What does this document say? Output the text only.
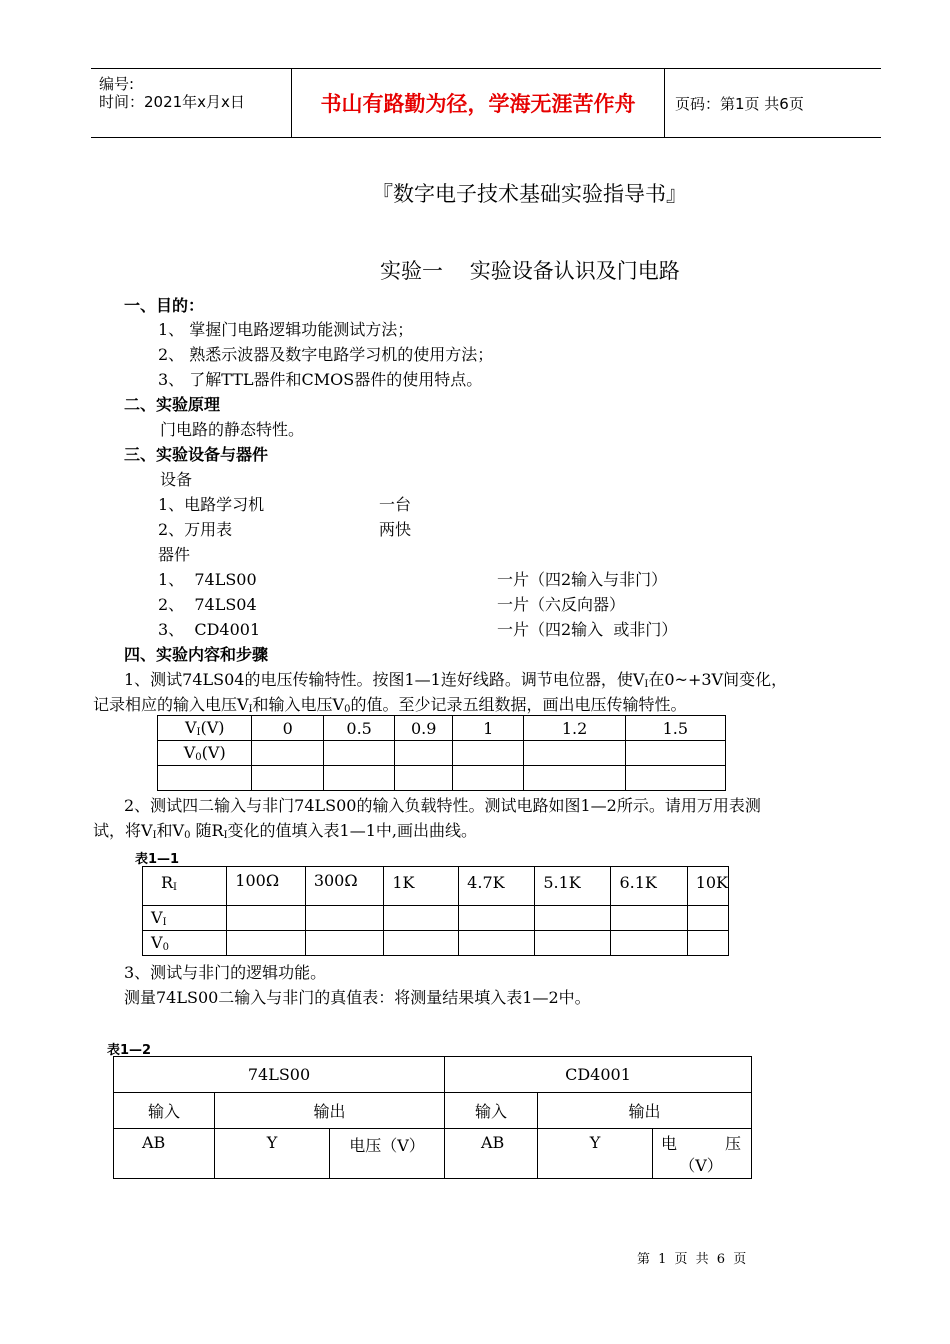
编号:
时间：2021年x月x日	书山有路勤为径，学海无涯苦作舟	页码：第1页 共6页
『数字电子技术基础实验指导书』
实验一    实验设备认识及门电路
一、目的：
1、 掌握门电路逻辑功能测试方法；
2、 熟悉示波器及数字电路学习机的使用方法；
3、 了解TTL器件和CMOS器件的使用特点。
二、实验原理
门电路的静态特性。
三、实验设备与器件
设备
1、电路学习机	一台
2、万用表	两快
器件
1、  74LS00	一片（四2输入与非门）
2、  74LS04	一片（六反向器）
3、  CD4001	一片（四2输入  或非门）
四、实验内容和步骤
1、测试74LS04的电压传输特性。按图1—1连好线路。调节电位器，使$V_I$在0~+3V间变化，
记录相应的输入电压$V_I$和输入电压$V_0$的值。至少记录五组数据，画出电压传输特性。
$V_I(V)$	0	0.5	0.9	1	1.2	1.5
$V_0(V)$						

2、测试四二输入与非门74LS00的输入负载特性。测试电路如图1—2所示。请用万用表测
试，将$V_I$和$V_0$ 随$R_I$变化的值填入表1—1中,画出曲线。
表1—1
$R_I$	100Ω	300Ω	1K	4.7K	5.1K	6.1K	10K
$V_I$							
$V_0$							
3、测试与非门的逻辑功能。
测量74LS00二输入与非门的真值表：将测量结果填入表1—2中。
表1—2
74LS00			CD4001		
输入	输出		输入	输出	
AB	Y	电压（V）	AB	Y	电 压
（V）
第 1 页 共 6 页
